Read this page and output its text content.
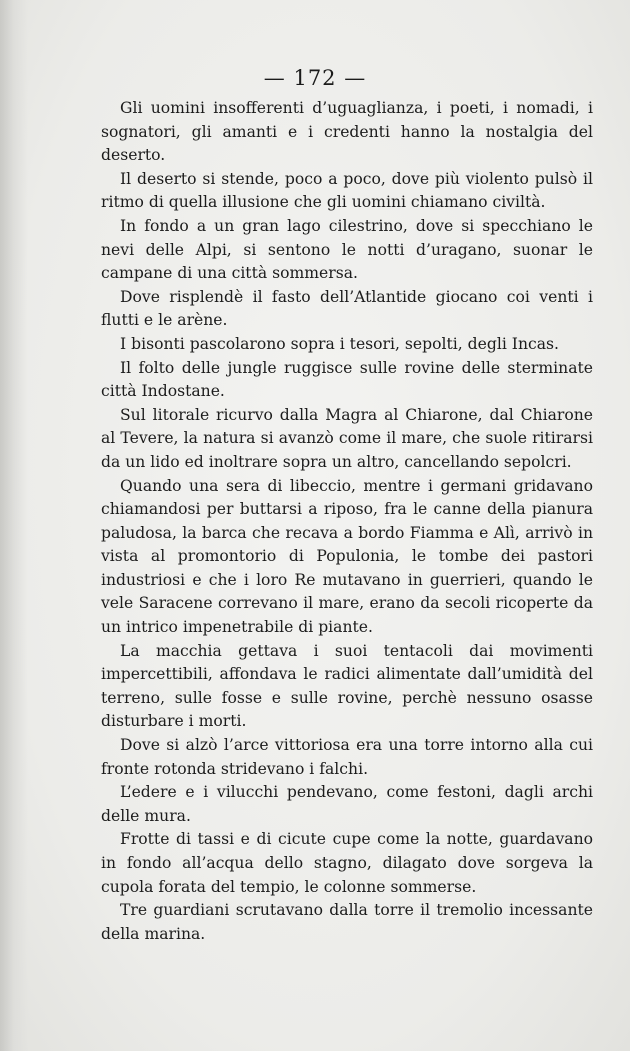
— 172 —

Gli uomini insofferenti d’uguaglianza, i poeti, i nomadi, i sognatori, gli amanti e i credenti hanno la nostalgia del deserto.

Il deserto si stende, poco a poco, dove più violento pulsò il ritmo di quella illusione che gli uomini chiamano civiltà.

In fondo a un gran lago cilestrino, dove si specchiano le nevi delle Alpi, si sentono le notti d’uragano, suonar le campane di una città sommersa.

Dove risplendè il fasto dell’Atlantide giocano coi venti i flutti e le arène.

I bisonti pascolarono sopra i tesori, sepolti, degli Incas.

Il folto delle jungle ruggisce sulle rovine delle sterminate città Indostane.

Sul litorale ricurvo dalla Magra al Chiarone, dal Chiarone al Tevere, la natura si avanzò come il mare, che suole ritirarsi da un lido ed inoltrare sopra un altro, cancellando sepolcri.

Quando una sera di libeccio, mentre i germani gridavano chiamandosi per buttarsi a riposo, fra le canne della pianura paludosa, la barca che recava a bordo Fiamma e Alì, arrivò in vista al promontorio di Populonia, le tombe dei pastori industriosi e che i loro Re mutavano in guerrieri, quando le vele Saracene correvano il mare, erano da secoli ricoperte da un intrico impenetrabile di piante.

La macchia gettava i suoi tentacoli dai movimenti impercettibili, affondava le radici alimentate dall’umidità del terreno, sulle fosse e sulle rovine, perchè nessuno osasse disturbare i morti.

Dove si alzò l’arce vittoriosa era una torre intorno alla cui fronte rotonda stridevano i falchi.

L’edere e i vilucchi pendevano, come festoni, dagli archi delle mura.

Frotte di tassi e di cicute cupe come la notte, guardavano in fondo all’acqua dello stagno, dilagato dove sorgeva la cupola forata del tempio, le colonne sommerse.

Tre guardiani scrutavano dalla torre il tremolio incessante della marina.
